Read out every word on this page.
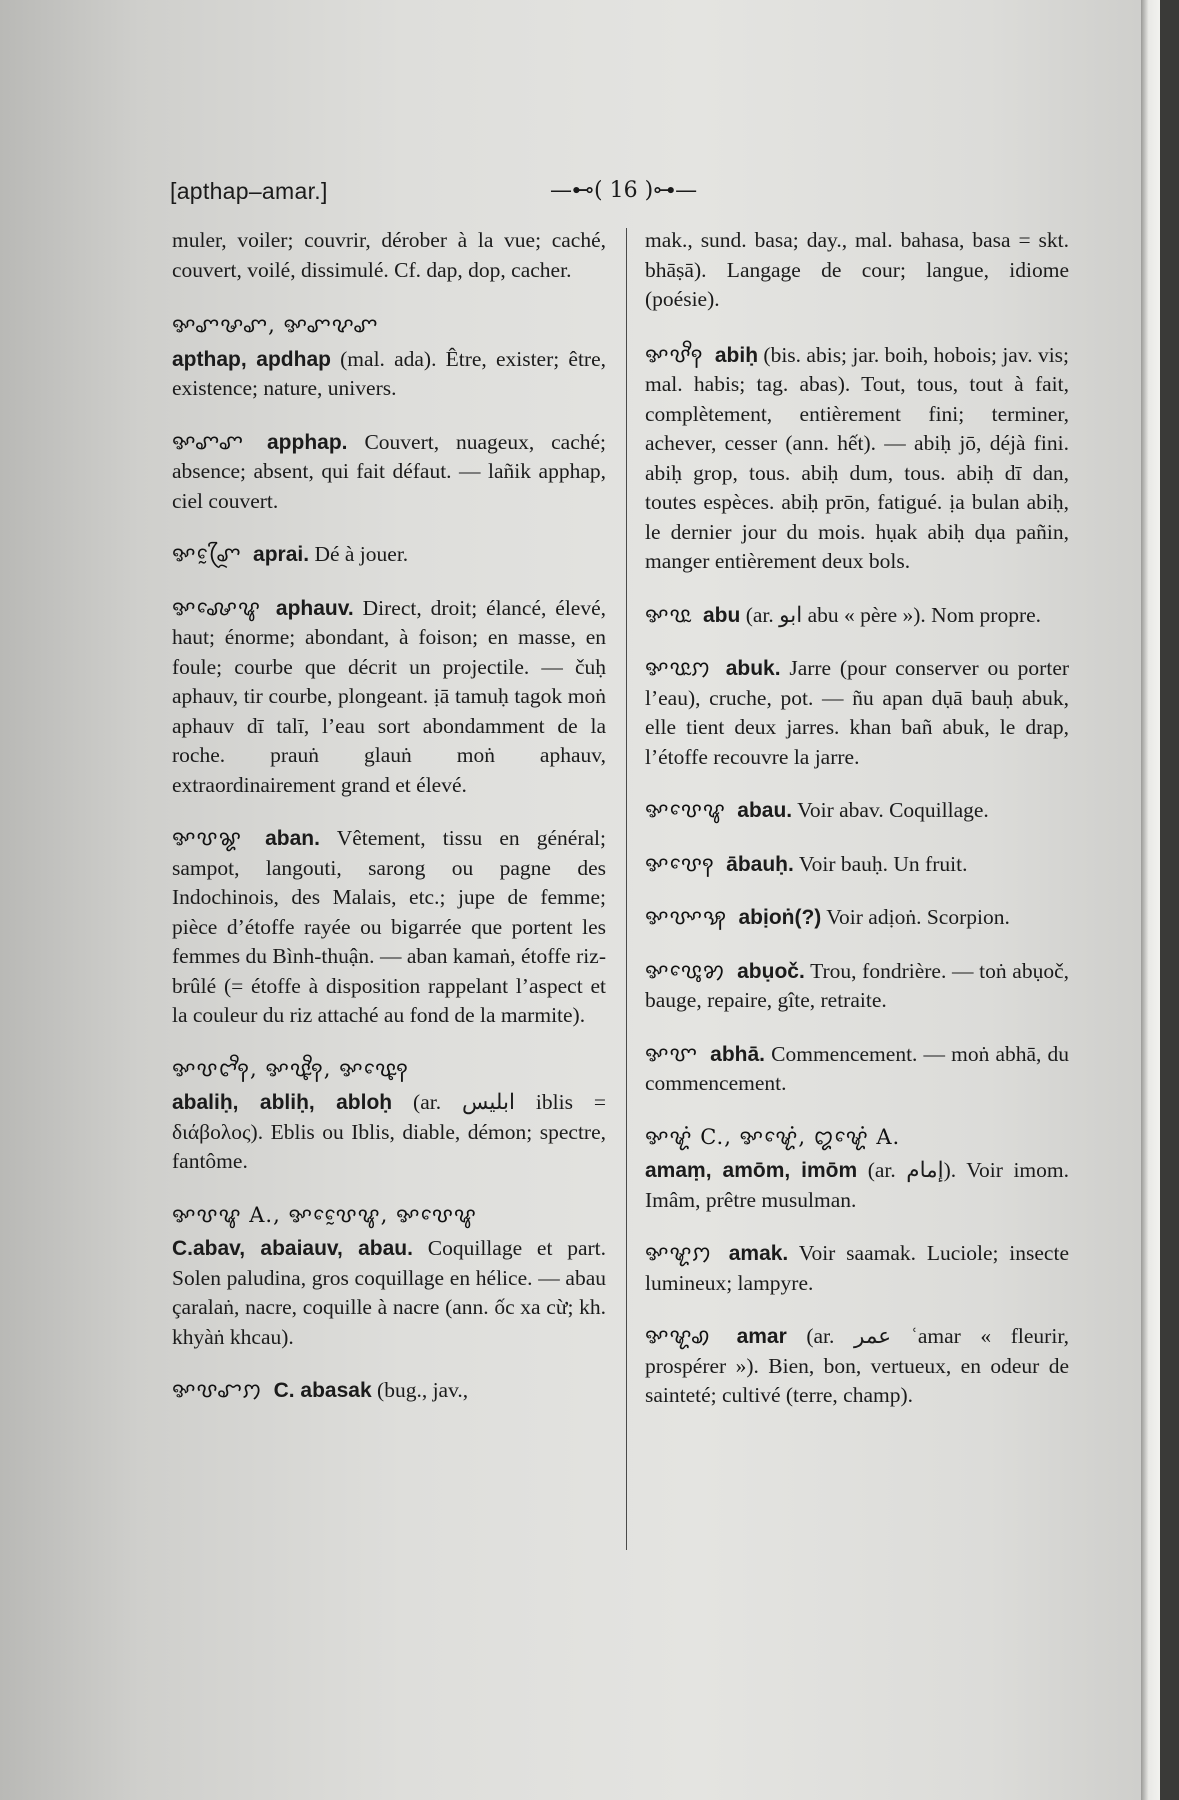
[apthap–amar.]	—⊷( 16 )⊶—

muler, voiler; couvrir, dérober à la vue; caché, couvert, voilé, dissimulé. Cf. dap, dop, cacher.

ꨀꨚꨔꨚ, ꨀꨚꨖꨚ
apthap, apdhap (mal. ada). Être, exister; être, existence; nature, univers.
ꨀꨚꨚ apphap. Couvert, nuageux, caché; absence; absent, qui fait défaut. — lañik apphap, ciel couvert.
ꨀꨚꨴꨰ aprai. Dé à jouer.
ꨀꨜꨯꨥ aphauv. Direct, droit; élancé, élevé, haut; énorme; abondant, à foison; en masse, en foule; courbe que décrit un projectile. — čuḥ aphauv, tir courbe, plongeant. ịā tamuḥ tagok moṅ aphauv dī talī, l’eau sort abondamment de la roche. prauṅ glauṅ moṅ aphauv, extraordinairement grand et élevé.
ꨀꨝꨘ aban. Vêtement, tissu en général; sampot, langouti, sarong ou pagne des Indochinois, des Malais, etc.; jupe de femme; pièce d’étoffe rayée ou bigarrée que portent les femmes du Bình-thuận. — aban kamaṅ, étoffe riz-brûlé (= étoffe à disposition rappelant l’aspect et la couleur du riz attaché au fond de la marmite).
ꨀꨝꨤꨪꩍ, ꨀꨝꨵꨪꩍ, ꨀꨝꨵꨯꩍ
abaliḥ, abliḥ, abloḥ (ar. ابليس iblis = διάβολος). Eblis ou Iblis, diable, démon; spectre, fantôme.
ꨀꨝꨥ A., ꨀꨝꨰꨯꨥ, ꨀꨝꨯꨥ
C.abav, abaiauv, abau. Coquillage et part. Solen paludina, gros coquillage en hélice. — abau çaralaṅ, nacre, coquille à nacre (ann. ốc xa cừ; kh. khyàṅ khcau).
ꨀꨝꨧꩀ C. abasak (bug., jav.,

mak., sund. basa; day., mal. bahasa, basa = skt. bhāṣā). Langage de cour; langue, idiome (poésie).

ꨀꨝꨪꩍ abiḥ (bis. abis; jar. boih, hobois; jav. vis; mal. habis; tag. abas). Tout, tous, tout à fait, complètement, entièrement fini; terminer, achever, cesser (ann. hết). — abiḥ jō, déjà fini. abiḥ grop, tous. abiḥ dum, tous. abiḥ dī dan, toutes espèces. abiḥ prōn, fatigué. ịa bulan abiḥ, le dernier jour du mois. hụak abiḥ dụa pañin, manger entièrement deux bols.
ꨀꨝꨭ abu (ar. ابو abu « père »). Nom propre.
ꨀꨝꨭꩀ abuk. Jarre (pour conserver ou porter l’eau), cruche, pot. — ñu apan dụā bauḥ abuk, elle tient deux jarres. khan bañ abuk, le drap, l’étoffe recouvre la jarre.
ꨀꨝꨯꨥ abau. Voir abav. Coquillage.
ꨀꨝꨯꩍ ābauḥ. Voir bauḥ. Un fruit.
ꨀꨝꨳꩂ abịoṅ(?) Voir adịoṅ. Scorpion.
ꨀꨝꨶꨯꩄ abụoč. Trou, fondrière. — toṅ abụoč, bauge, repaire, gîte, retraite.
ꨀꨞ abhā. Commencement. — moṅ abhā, du commencement.
ꨀꨠꩌ C., ꨀꨠꨯꩌ, ꨁꨠꨯꩌ A.
amaṃ, amōm, imōm (ar. إمام). Voir imom. Imâm, prêtre musulman.
ꨀꨠꩀ amak. Voir saamak. Luciole; insecte lumineux; lampyre.
ꨀꨠꩉ amar (ar. عمر ʿamar « fleurir, prospérer »). Bien, bon, vertueux, en odeur de sainteté; cultivé (terre, champ).
